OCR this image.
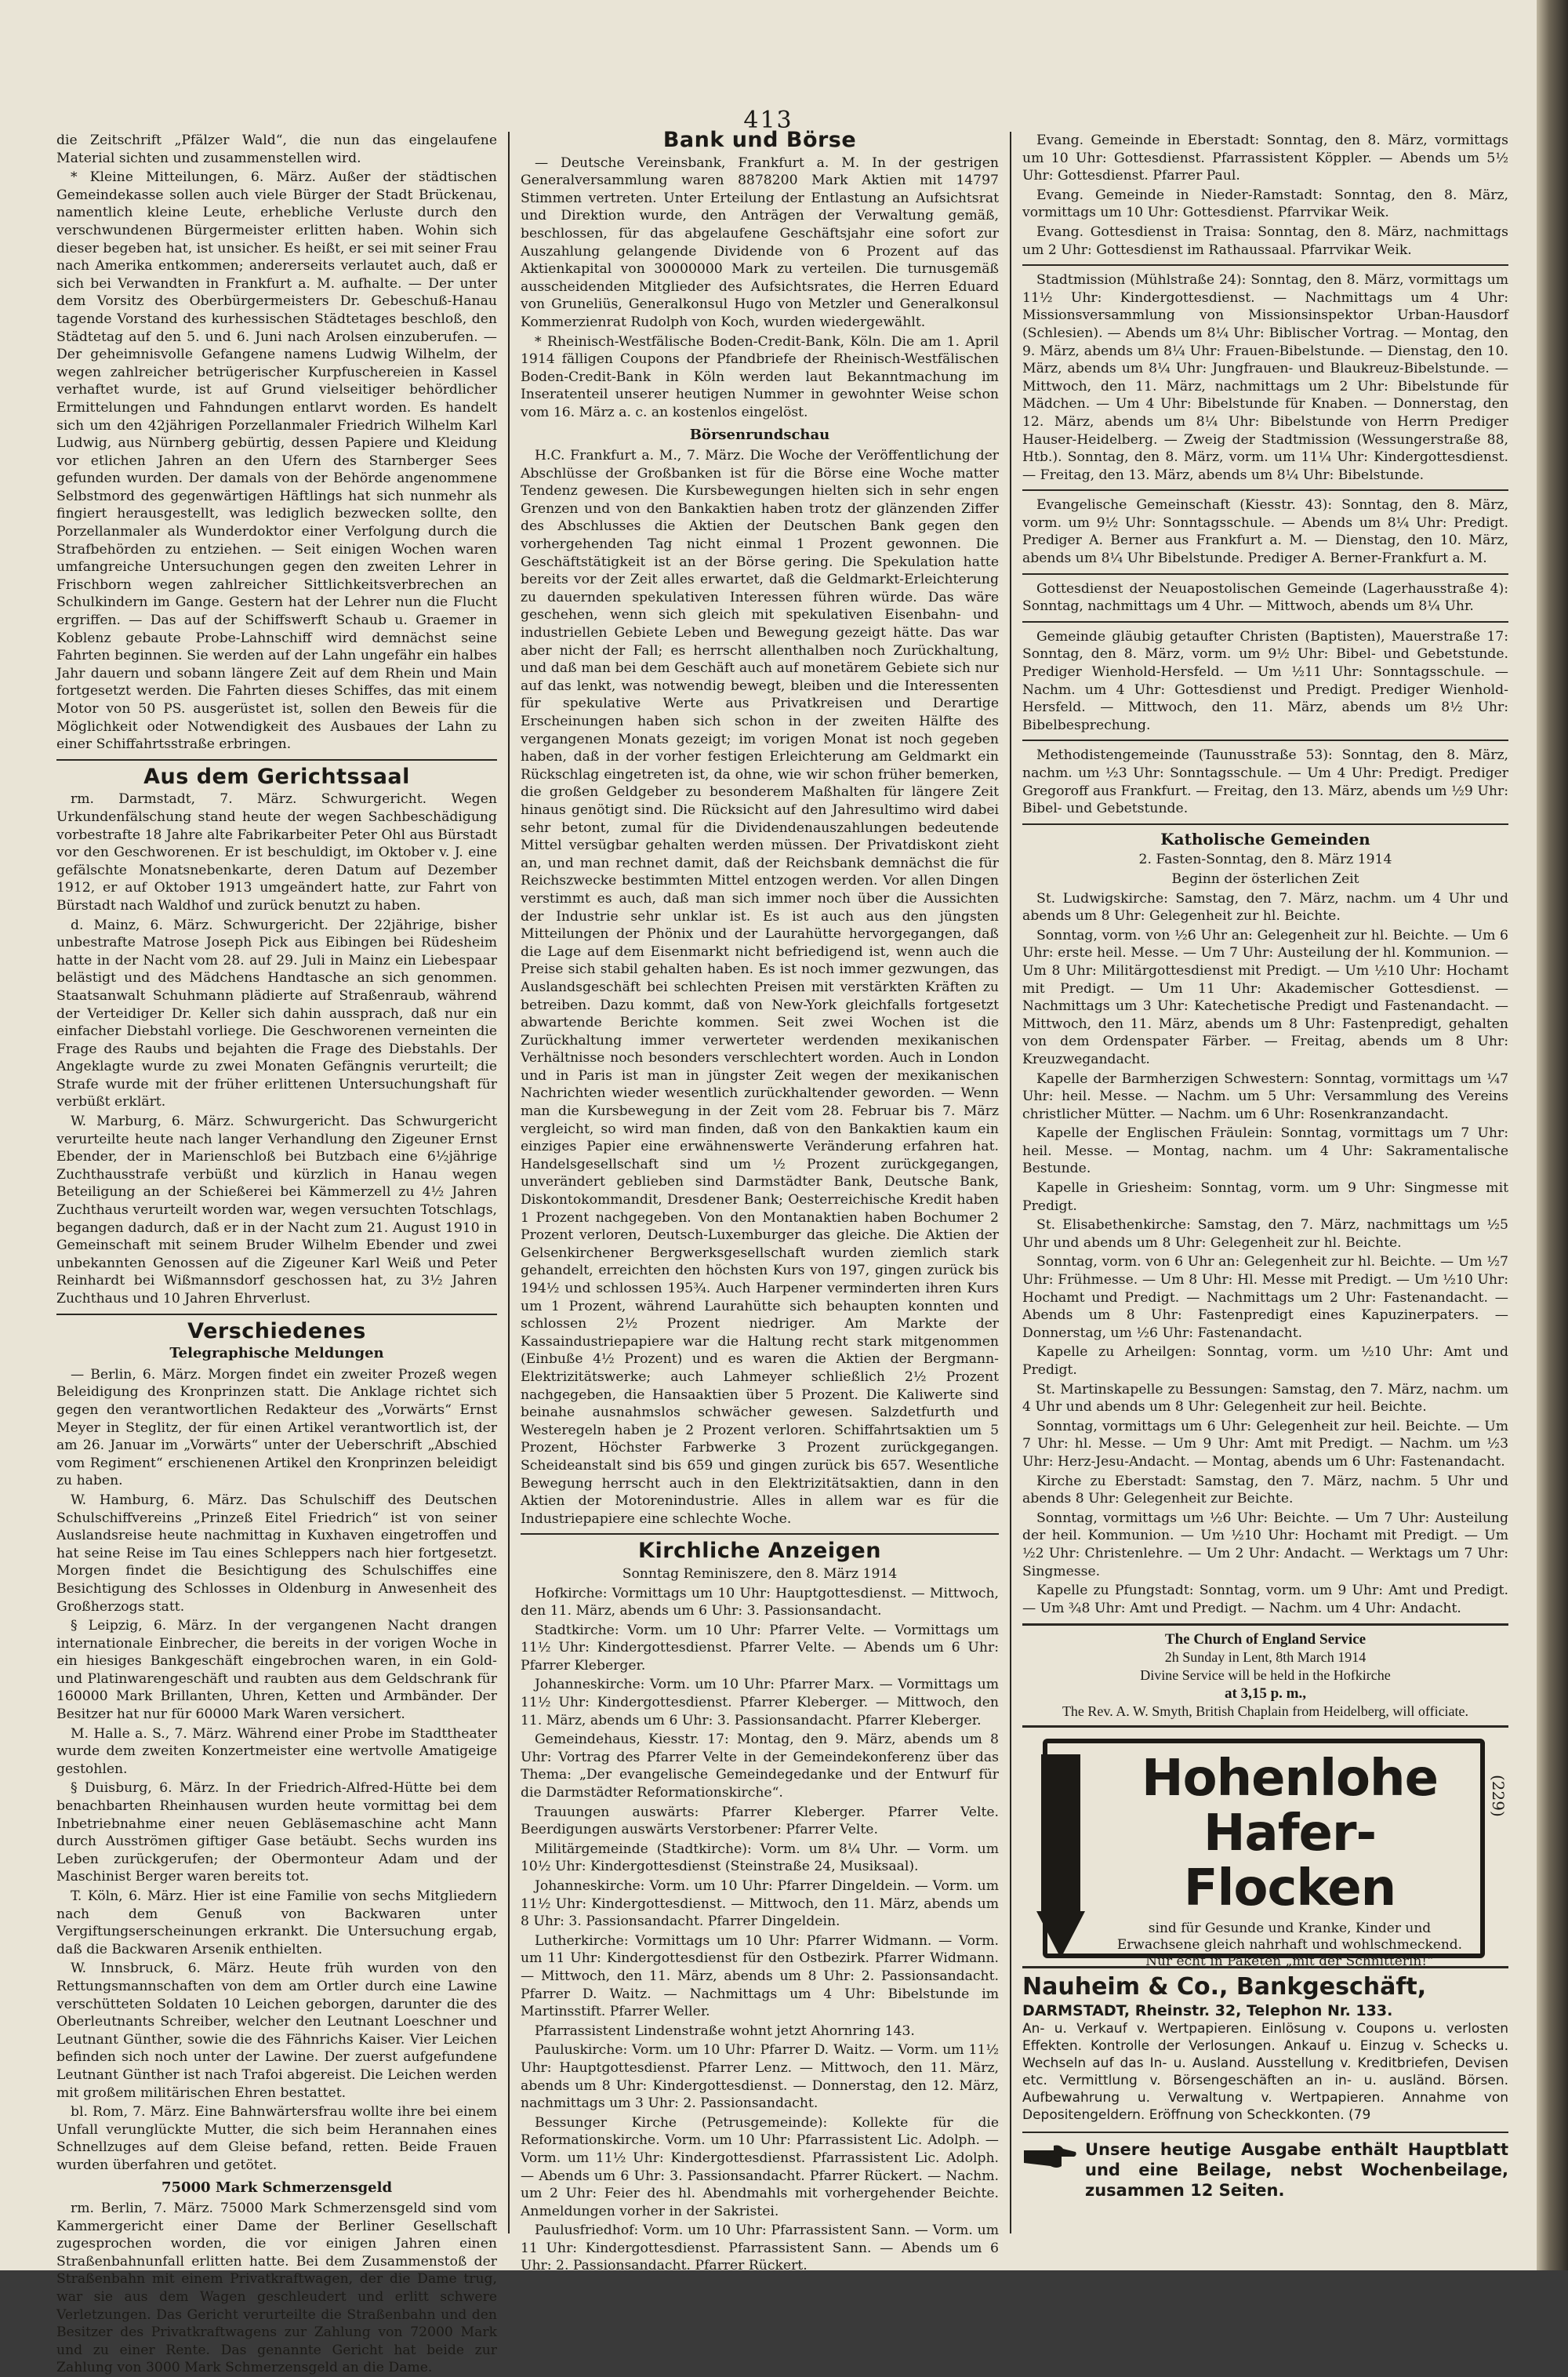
413

die Zeitschrift „Pfälzer Wald“, die nun das eingelaufene Material sichten und zusammenstellen wird.

* Kleine Mitteilungen, 6. März. Außer der städtischen Gemeindekasse sollen auch viele Bürger der Stadt Brückenau, namentlich kleine Leute, erhebliche Verluste durch den verschwundenen Bürgermeister erlitten haben. Wohin sich dieser begeben hat, ist unsicher. Es heißt, er sei mit seiner Frau nach Amerika entkommen; andererseits verlautet auch, daß er sich bei Verwandten in Frankfurt a. M. aufhalte. — Der unter dem Vorsitz des Oberbürgermeisters Dr. Gebeschuß-Hanau tagende Vorstand des kurhessischen Städtetages beschloß, den Städtetag auf den 5. und 6. Juni nach Arolsen einzuberufen. — Der geheimnisvolle Gefangene namens Ludwig Wilhelm, der wegen zahlreicher betrügerischer Kurpfuschereien in Kassel verhaftet wurde, ist auf Grund vielseitiger behördlicher Ermittelungen und Fahndungen entlarvt worden. Es handelt sich um den 42jährigen Porzellanmaler Friedrich Wilhelm Karl Ludwig, aus Nürnberg gebürtig, dessen Papiere und Kleidung vor etlichen Jahren an den Ufern des Starnberger Sees gefunden wurden. Der damals von der Behörde angenommene Selbstmord des gegenwärtigen Häftlings hat sich nunmehr als fingiert herausgestellt, was lediglich bezwecken sollte, den Porzellanmaler als Wunderdoktor einer Verfolgung durch die Strafbehörden zu entziehen. — Seit einigen Wochen waren umfangreiche Untersuchungen gegen den zweiten Lehrer in Frischborn wegen zahlreicher Sittlichkeitsverbrechen an Schulkindern im Gange. Gestern hat der Lehrer nun die Flucht ergriffen. — Das auf der Schiffswerft Schaub u. Graemer in Koblenz gebaute Probe-Lahnschiff wird demnächst seine Fahrten beginnen. Sie werden auf der Lahn ungefähr ein halbes Jahr dauern und sobann längere Zeit auf dem Rhein und Main fortgesetzt werden. Die Fahrten dieses Schiffes, das mit einem Motor von 50 PS. ausgerüstet ist, sollen den Beweis für die Möglichkeit oder Notwendigkeit des Ausbaues der Lahn zu einer Schiffahrtsstraße erbringen.

Aus dem Gerichtssaal

rm. Darmstadt, 7. März. Schwurgericht. Wegen Urkundenfälschung stand heute der wegen Sachbeschädigung vorbestrafte 18 Jahre alte Fabrikarbeiter Peter Ohl aus Bürstadt vor den Geschworenen. Er ist beschuldigt, im Oktober v. J. eine gefälschte Monatsnebenkarte, deren Datum auf Dezember 1912, er auf Oktober 1913 umgeändert hatte, zur Fahrt von Bürstadt nach Waldhof und zurück benutzt zu haben.

d. Mainz, 6. März. Schwurgericht. Der 22jährige, bisher unbestrafte Matrose Joseph Pick aus Eibingen bei Rüdesheim hatte in der Nacht vom 28. auf 29. Juli in Mainz ein Liebespaar belästigt und des Mädchens Handtasche an sich genommen. Staatsanwalt Schuhmann plädierte auf Straßenraub, während der Verteidiger Dr. Keller sich dahin aussprach, daß nur ein einfacher Diebstahl vorliege. Die Geschworenen verneinten die Frage des Raubs und bejahten die Frage des Diebstahls. Der Angeklagte wurde zu zwei Monaten Gefängnis verurteilt; die Strafe wurde mit der früher erlittenen Untersuchungshaft für verbüßt erklärt.

W. Marburg, 6. März. Schwurgericht. Das Schwurgericht verurteilte heute nach langer Verhandlung den Zigeuner Ernst Ebender, der in Marienschloß bei Butzbach eine 6½jährige Zuchthausstrafe verbüßt und kürzlich in Hanau wegen Beteiligung an der Schießerei bei Kämmerzell zu 4½ Jahren Zuchthaus verurteilt worden war, wegen versuchten Totschlags, begangen dadurch, daß er in der Nacht zum 21. August 1910 in Gemeinschaft mit seinem Bruder Wilhelm Ebender und zwei unbekannten Genossen auf die Zigeuner Karl Weiß und Peter Reinhardt bei Wißmannsdorf geschossen hat, zu 3½ Jahren Zuchthaus und 10 Jahren Ehrverlust.

Verschiedenes
Telegraphische Meldungen

— Berlin, 6. März. Morgen findet ein zweiter Prozeß wegen Beleidigung des Kronprinzen statt. Die Anklage richtet sich gegen den verantwortlichen Redakteur des „Vorwärts“ Ernst Meyer in Steglitz, der für einen Artikel verantwortlich ist, der am 26. Januar im „Vorwärts“ unter der Ueberschrift „Abschied vom Regiment“ erschienenen Artikel den Kronprinzen beleidigt zu haben.

W. Hamburg, 6. März. Das Schulschiff des Deutschen Schulschiffvereins „Prinzeß Eitel Friedrich“ ist von seiner Auslandsreise heute nachmittag in Kuxhaven eingetroffen und hat seine Reise im Tau eines Schleppers nach hier fortgesetzt. Morgen findet die Besichtigung des Schulschiffes eine Besichtigung des Schlosses in Oldenburg in Anwesenheit des Großherzogs statt.

§ Leipzig, 6. März. In der vergangenen Nacht drangen internationale Einbrecher, die bereits in der vorigen Woche in ein hiesiges Bankgeschäft eingebrochen waren, in ein Gold- und Platinwarengeschäft und raubten aus dem Geldschrank für 160000 Mark Brillanten, Uhren, Ketten und Armbänder. Der Besitzer hat nur für 60000 Mark Waren versichert.

M. Halle a. S., 7. März. Während einer Probe im Stadttheater wurde dem zweiten Konzertmeister eine wertvolle Amatigeige gestohlen.

§ Duisburg, 6. März. In der Friedrich-Alfred-Hütte bei dem benachbarten Rheinhausen wurden heute vormittag bei dem Inbetriebnahme einer neuen Gebläsemaschine acht Mann durch Ausströmen giftiger Gase betäubt. Sechs wurden ins Leben zurückgerufen; der Obermonteur Adam und der Maschinist Berger waren bereits tot.

T. Köln, 6. März. Hier ist eine Familie von sechs Mitgliedern nach dem Genuß von Backwaren unter Vergiftungserscheinungen erkrankt. Die Untersuchung ergab, daß die Backwaren Arsenik enthielten.

W. Innsbruck, 6. März. Heute früh wurden von den Rettungsmannschaften von dem am Ortler durch eine Lawine verschütteten Soldaten 10 Leichen geborgen, darunter die des Oberleutnants Schreiber, welcher den Leutnant Loeschner und Leutnant Günther, sowie die des Fähnrichs Kaiser. Vier Leichen befinden sich noch unter der Lawine. Der zuerst aufgefundene Leutnant Günther ist nach Trafoi abgereist. Die Leichen werden mit großem militärischen Ehren bestattet.

bl. Rom, 7. März. Eine Bahnwärtersfrau wollte ihre bei einem Unfall verunglückte Mutter, die sich beim Herannahen eines Schnellzuges auf dem Gleise befand, retten. Beide Frauen wurden überfahren und getötet.

75000 Mark Schmerzensgeld

rm. Berlin, 7. März. 75000 Mark Schmerzensgeld sind vom Kammergericht einer Dame der Berliner Gesellschaft zugesprochen worden, die vor einigen Jahren einen Straßenbahnunfall erlitten hatte. Bei dem Zusammenstoß der Straßenbahn mit einem Privatkraftwagen, der die Dame trug, war sie aus dem Wagen geschleudert und erlitt schwere Verletzungen. Das Gericht verurteilte die Straßenbahn und den Besitzer des Privatkraftwagens zur Zahlung von 72000 Mark und zu einer Rente. Das genannte Gericht hat beide zur Zahlung von 3000 Mark Schmerzensgeld an die Dame.

Bank und Börse

— Deutsche Vereinsbank, Frankfurt a. M. In der gestrigen Generalversammlung waren 8878200 Mark Aktien mit 14797 Stimmen vertreten. Unter Erteilung der Entlastung an Aufsichtsrat und Direktion wurde, den Anträgen der Verwaltung gemäß, beschlossen, für das abgelaufene Geschäftsjahr eine sofort zur Auszahlung gelangende Dividende von 6 Prozent auf das Aktienkapital von 30000000 Mark zu verteilen. Die turnusgemäß ausscheidenden Mitglieder des Aufsichtsrates, die Herren Eduard von Gruneliüs, Generalkonsul Hugo von Metzler und Generalkonsul Kommerzienrat Rudolph von Koch, wurden wiedergewählt.

* Rheinisch-Westfälische Boden-Credit-Bank, Köln. Die am 1. April 1914 fälligen Coupons der Pfandbriefe der Rheinisch-Westfälischen Boden-Credit-Bank in Köln werden laut Bekanntmachung im Inseratenteil unserer heutigen Nummer in gewohnter Weise schon vom 16. März a. c. an kostenlos eingelöst.

Börsenrundschau

H.C. Frankfurt a. M., 7. März. Die Woche der Veröffentlichung der Abschlüsse der Großbanken ist für die Börse eine Woche matter Tendenz gewesen. Die Kursbewegungen hielten sich in sehr engen Grenzen und von den Bankaktien haben trotz der glänzenden Ziffer des Abschlusses die Aktien der Deutschen Bank gegen den vorhergehenden Tag nicht einmal 1 Prozent gewonnen. Die Geschäftstätigkeit ist an der Börse gering. Die Spekulation hatte bereits vor der Zeit alles erwartet, daß die Geldmarkt-Erleichterung zu dauernden spekulativen Interessen führen würde. Das wäre geschehen, wenn sich gleich mit spekulativen Eisenbahn- und industriellen Gebiete Leben und Bewegung gezeigt hätte. Das war aber nicht der Fall; es herrscht allenthalben noch Zurückhaltung, und daß man bei dem Geschäft auch auf monetärem Gebiete sich nur auf das lenkt, was notwendig bewegt, bleiben und die Interessenten für spekulative Werte aus Privatkreisen und Derartige Erscheinungen haben sich schon in der zweiten Hälfte des vergangenen Monats gezeigt; im vorigen Monat ist noch gegeben haben, daß in der vorher festigen Erleichterung am Geldmarkt ein Rückschlag eingetreten ist, da ohne, wie wir schon früher bemerken, die großen Geldgeber zu besonderem Maßhalten für längere Zeit hinaus genötigt sind. Die Rücksicht auf den Jahresultimo wird dabei sehr betont, zumal für die Dividendenauszahlungen bedeutende Mittel versügbar gehalten werden müssen. Der Privatdiskont zieht an, und man rechnet damit, daß der Reichsbank demnächst die für Reichszwecke bestimmten Mittel entzogen werden. Vor allen Dingen verstimmt es auch, daß man sich immer noch über die Aussichten der Industrie sehr unklar ist. Es ist auch aus den jüngsten Mitteilungen der Phönix und der Laurahütte hervorgegangen, daß die Lage auf dem Eisenmarkt nicht befriedigend ist, wenn auch die Preise sich stabil gehalten haben. Es ist noch immer gezwungen, das Auslandsgeschäft bei schlechten Preisen mit verstärkten Kräften zu betreiben. Dazu kommt, daß von New-York gleichfalls fortgesetzt abwartende Berichte kommen. Seit zwei Wochen ist die Zurückhaltung immer verwerteter werdenden mexikanischen Verhältnisse noch besonders verschlechtert worden. Auch in London und in Paris ist man in jüngster Zeit wegen der mexikanischen Nachrichten wieder wesentlich zurückhaltender geworden. — Wenn man die Kursbewegung in der Zeit vom 28. Februar bis 7. März vergleicht, so wird man finden, daß von den Bankaktien kaum ein einziges Papier eine erwähnenswerte Veränderung erfahren hat. Handelsgesellschaft sind um ½ Prozent zurückgegangen, unverändert geblieben sind Darmstädter Bank, Deutsche Bank, Diskontokommandit, Dresdener Bank; Oesterreichische Kredit haben 1 Prozent nachgegeben. Von den Montanaktien haben Bochumer 2 Prozent verloren, Deutsch-Luxemburger das gleiche. Die Aktien der Gelsenkirchener Bergwerksgesellschaft wurden ziemlich stark gehandelt, erreichten den höchsten Kurs von 197, gingen zurück bis 194½ und schlossen 195¾. Auch Harpener verminderten ihren Kurs um 1 Prozent, während Laurahütte sich behaupten konnten und schlossen 2½ Prozent niedriger. Am Markte der Kassaindustriepapiere war die Haltung recht stark mitgenommen (Einbuße 4½ Prozent) und es waren die Aktien der Bergmann-Elektrizitätswerke; auch Lahmeyer schließlich 2½ Prozent nachgegeben, die Hansaaktien über 5 Prozent. Die Kaliwerte sind beinahe ausnahmslos schwächer gewesen. Salzdetfurth und Westeregeln haben je 2 Prozent verloren. Schiffahrtsaktien um 5 Prozent, Höchster Farbwerke 3 Prozent zurückgegangen. Scheideanstalt sind bis 659 und gingen zurück bis 657. Wesentliche Bewegung herrscht auch in den Elektrizitätsaktien, dann in den Aktien der Motorenindustrie. Alles in allem war es für die Industriepapiere eine schlechte Woche.

Kirchliche Anzeigen

Sonntag Reminiszere, den 8. März 1914

Hofkirche: Vormittags um 10 Uhr: Hauptgottesdienst. — Mittwoch, den 11. März, abends um 6 Uhr: 3. Passionsandacht.

Stadtkirche: Vorm. um 10 Uhr: Pfarrer Velte. — Vormittags um 11½ Uhr: Kindergottesdienst. Pfarrer Velte. — Abends um 6 Uhr: Pfarrer Kleberger.

Johanneskirche: Vorm. um 10 Uhr: Pfarrer Marx. — Vormittags um 11½ Uhr: Kindergottesdienst. Pfarrer Kleberger. — Mittwoch, den 11. März, abends um 6 Uhr: 3. Passionsandacht. Pfarrer Kleberger.

Gemeindehaus, Kiesstr. 17: Montag, den 9. März, abends um 8 Uhr: Vortrag des Pfarrer Velte in der Gemeindekonferenz über das Thema: „Der evangelische Gemeindegedanke und der Entwurf für die Darmstädter Reformationskirche“.

Trauungen auswärts: Pfarrer Kleberger. Pfarrer Velte. Beerdigungen auswärts Verstorbener: Pfarrer Velte.

Militärgemeinde (Stadtkirche): Vorm. um 8¼ Uhr. — Vorm. um 10½ Uhr: Kindergottesdienst (Steinstraße 24, Musiksaal).

Johanneskirche: Vorm. um 10 Uhr: Pfarrer Dingeldein. — Vorm. um 11½ Uhr: Kindergottesdienst. — Mittwoch, den 11. März, abends um 8 Uhr: 3. Passionsandacht. Pfarrer Dingeldein.

Lutherkirche: Vormittags um 10 Uhr: Pfarrer Widmann. — Vorm. um 11 Uhr: Kindergottesdienst für den Ostbezirk. Pfarrer Widmann. — Mittwoch, den 11. März, abends um 8 Uhr: 2. Passionsandacht. Pfarrer D. Waitz. — Nachmittags um 4 Uhr: Bibelstunde im Martinsstift. Pfarrer Weller.

Pfarrassistent Lindenstraße wohnt jetzt Ahornring 143.

Pauluskirche: Vorm. um 10 Uhr: Pfarrer D. Waitz. — Vorm. um 11½ Uhr: Hauptgottesdienst. Pfarrer Lenz. — Mittwoch, den 11. März, abends um 8 Uhr: Kindergottesdienst. — Donnerstag, den 12. März, nachmittags um 3 Uhr: 2. Passionsandacht.

Bessunger Kirche (Petrusgemeinde): Kollekte für die Reformationskirche. Vorm. um 10 Uhr: Pfarrassistent Lic. Adolph. — Vorm. um 11½ Uhr: Kindergottesdienst. Pfarrassistent Lic. Adolph. — Abends um 6 Uhr: 3. Passionsandacht. Pfarrer Rückert. — Nachm. um 2 Uhr: Feier des hl. Abendmahls mit vorhergehender Beichte. Anmeldungen vorher in der Sakristei.

Paulusfriedhof: Vorm. um 10 Uhr: Pfarrassistent Sann. — Vorm. um 11 Uhr: Kindergottesdienst. Pfarrassistent Sann. — Abends um 6 Uhr: 2. Passionsandacht. Pfarrer Rückert.

Evang. Gemeinde in Eberstadt: Sonntag, den 8. März, vormittags um 10 Uhr: Gottesdienst. Pfarrassistent Köppler. — Abends um 5½ Uhr: Gottesdienst. Pfarrer Paul.

Evang. Gemeinde in Nieder-Ramstadt: Sonntag, den 8. März, vormittags um 10 Uhr: Gottesdienst. Pfarrvikar Weik.

Evang. Gottesdienst in Traisa: Sonntag, den 8. März, nachmittags um 2 Uhr: Gottesdienst im Rathaussaal. Pfarrvikar Weik.

Stadtmission (Mühlstraße 24): Sonntag, den 8. März, vormittags um 11½ Uhr: Kindergottesdienst. — Nachmittags um 4 Uhr: Missionsversammlung von Missionsinspektor Urban-Hausdorf (Schlesien). — Abends um 8¼ Uhr: Biblischer Vortrag. — Montag, den 9. März, abends um 8¼ Uhr: Frauen-Bibelstunde. — Dienstag, den 10. März, abends um 8¼ Uhr: Jungfrauen- und Blaukreuz-Bibelstunde. — Mittwoch, den 11. März, nachmittags um 2 Uhr: Bibelstunde für Mädchen. — Um 4 Uhr: Bibelstunde für Knaben. — Donnerstag, den 12. März, abends um 8¼ Uhr: Bibelstunde von Herrn Prediger Hauser-Heidelberg. — Zweig der Stadtmission (Wessungerstraße 88, Htb.). Sonntag, den 8. März, vorm. um 11¼ Uhr: Kindergottesdienst. — Freitag, den 13. März, abends um 8¼ Uhr: Bibelstunde.

Evangelische Gemeinschaft (Kiesstr. 43): Sonntag, den 8. März, vorm. um 9½ Uhr: Sonntagsschule. — Abends um 8¼ Uhr: Predigt. Prediger A. Berner aus Frankfurt a. M. — Dienstag, den 10. März, abends um 8¼ Uhr Bibelstunde. Prediger A. Berner-Frankfurt a. M.

Gottesdienst der Neuapostolischen Gemeinde (Lagerhausstraße 4): Sonntag, nachmittags um 4 Uhr. — Mittwoch, abends um 8¼ Uhr.

Gemeinde gläubig getaufter Christen (Baptisten), Mauerstraße 17: Sonntag, den 8. März, vorm. um 9½ Uhr: Bibel- und Gebetstunde. Prediger Wienhold-Hersfeld. — Um ½11 Uhr: Sonntagsschule. — Nachm. um 4 Uhr: Gottesdienst und Predigt. Prediger Wienhold-Hersfeld. — Mittwoch, den 11. März, abends um 8½ Uhr: Bibelbesprechung.

Methodistengemeinde (Taunusstraße 53): Sonntag, den 8. März, nachm. um ½3 Uhr: Sonntagsschule. — Um 4 Uhr: Predigt. Prediger Gregoroff aus Frankfurt. — Freitag, den 13. März, abends um ½9 Uhr: Bibel- und Gebetstunde.

Katholische Gemeinden

2. Fasten-Sonntag, den 8. März 1914

Beginn der österlichen Zeit

St. Ludwigskirche: Samstag, den 7. März, nachm. um 4 Uhr und abends um 8 Uhr: Gelegenheit zur hl. Beichte.

Sonntag, vorm. von ½6 Uhr an: Gelegenheit zur hl. Beichte. — Um 6 Uhr: erste heil. Messe. — Um 7 Uhr: Austeilung der hl. Kommunion. — Um 8 Uhr: Militärgottesdienst mit Predigt. — Um ½10 Uhr: Hochamt mit Predigt. — Um 11 Uhr: Akademischer Gottesdienst. — Nachmittags um 3 Uhr: Katechetische Predigt und Fastenandacht. — Mittwoch, den 11. März, abends um 8 Uhr: Fastenpredigt, gehalten von dem Ordenspater Färber. — Freitag, abends um 8 Uhr: Kreuzwegandacht.

Kapelle der Barmherzigen Schwestern: Sonntag, vormittags um ¼7 Uhr: heil. Messe. — Nachm. um 5 Uhr: Versammlung des Vereins christlicher Mütter. — Nachm. um 6 Uhr: Rosenkranzandacht.

Kapelle der Englischen Fräulein: Sonntag, vormittags um 7 Uhr: heil. Messe. — Montag, nachm. um 4 Uhr: Sakramentalische Bestunde.

Kapelle in Griesheim: Sonntag, vorm. um 9 Uhr: Singmesse mit Predigt.

St. Elisabethenkirche: Samstag, den 7. März, nachmittags um ½5 Uhr und abends um 8 Uhr: Gelegenheit zur hl. Beichte.

Sonntag, vorm. von 6 Uhr an: Gelegenheit zur hl. Beichte. — Um ½7 Uhr: Frühmesse. — Um 8 Uhr: Hl. Messe mit Predigt. — Um ½10 Uhr: Hochamt und Predigt. — Nachmittags um 2 Uhr: Fastenandacht. — Abends um 8 Uhr: Fastenpredigt eines Kapuzinerpaters. — Donnerstag, um ½6 Uhr: Fastenandacht.

Kapelle zu Arheilgen: Sonntag, vorm. um ½10 Uhr: Amt und Predigt.

St. Martinskapelle zu Bessungen: Samstag, den 7. März, nachm. um 4 Uhr und abends um 8 Uhr: Gelegenheit zur heil. Beichte.

Sonntag, vormittags um 6 Uhr: Gelegenheit zur heil. Beichte. — Um 7 Uhr: hl. Messe. — Um 9 Uhr: Amt mit Predigt. — Nachm. um ½3 Uhr: Herz-Jesu-Andacht. — Montag, abends um 6 Uhr: Fastenandacht.

Kirche zu Eberstadt: Samstag, den 7. März, nachm. 5 Uhr und abends 8 Uhr: Gelegenheit zur Beichte.

Sonntag, vormittags um ½6 Uhr: Beichte. — Um 7 Uhr: Austeilung der heil. Kommunion. — Um ½10 Uhr: Hochamt mit Predigt. — Um ½2 Uhr: Christenlehre. — Um 2 Uhr: Andacht. — Werktags um 7 Uhr: Singmesse.

Kapelle zu Pfungstadt: Sonntag, vorm. um 9 Uhr: Amt und Predigt. — Um ¾8 Uhr: Amt und Predigt. — Nachm. um 4 Uhr: Andacht.

The Church of England Service
2h Sunday in Lent, 8th March 1914
Divine Service will be held in the Hofkirche
at 3,15 p. m.,
The Rev. A. W. Smyth, British Chaplain from Heidelberg, will officiate.
Hohenlohe
Hafer-Flocken
sind für Gesunde und Kranke, Kinder und Erwachsene gleich nahrhaft und wohlschmeckend. Nur echt in Paketen „mit der Schnitterin!“
(229)
Nauheim & Co., Bankgeschäft,
DARMSTADT, Rheinstr. 32, Telephon Nr. 133.
An- u. Verkauf v. Wertpapieren. Einlösung v. Coupons u. verlosten Effekten. Kontrolle der Verlosungen. Ankauf u. Einzug v. Schecks u. Wechseln auf das In- u. Ausland. Ausstellung v. Kreditbriefen, Devisen etc. Vermittlung v. Börsengeschäften an in- u. ausländ. Börsen. Aufbewahrung u. Verwaltung v. Wertpapieren. Annahme von Depositengeldern. Eröffnung von Scheckkonten. (79
Unsere heutige Ausgabe enthält Hauptblatt und eine Beilage, nebst Wochenbeilage, zusammen 12 Seiten.
